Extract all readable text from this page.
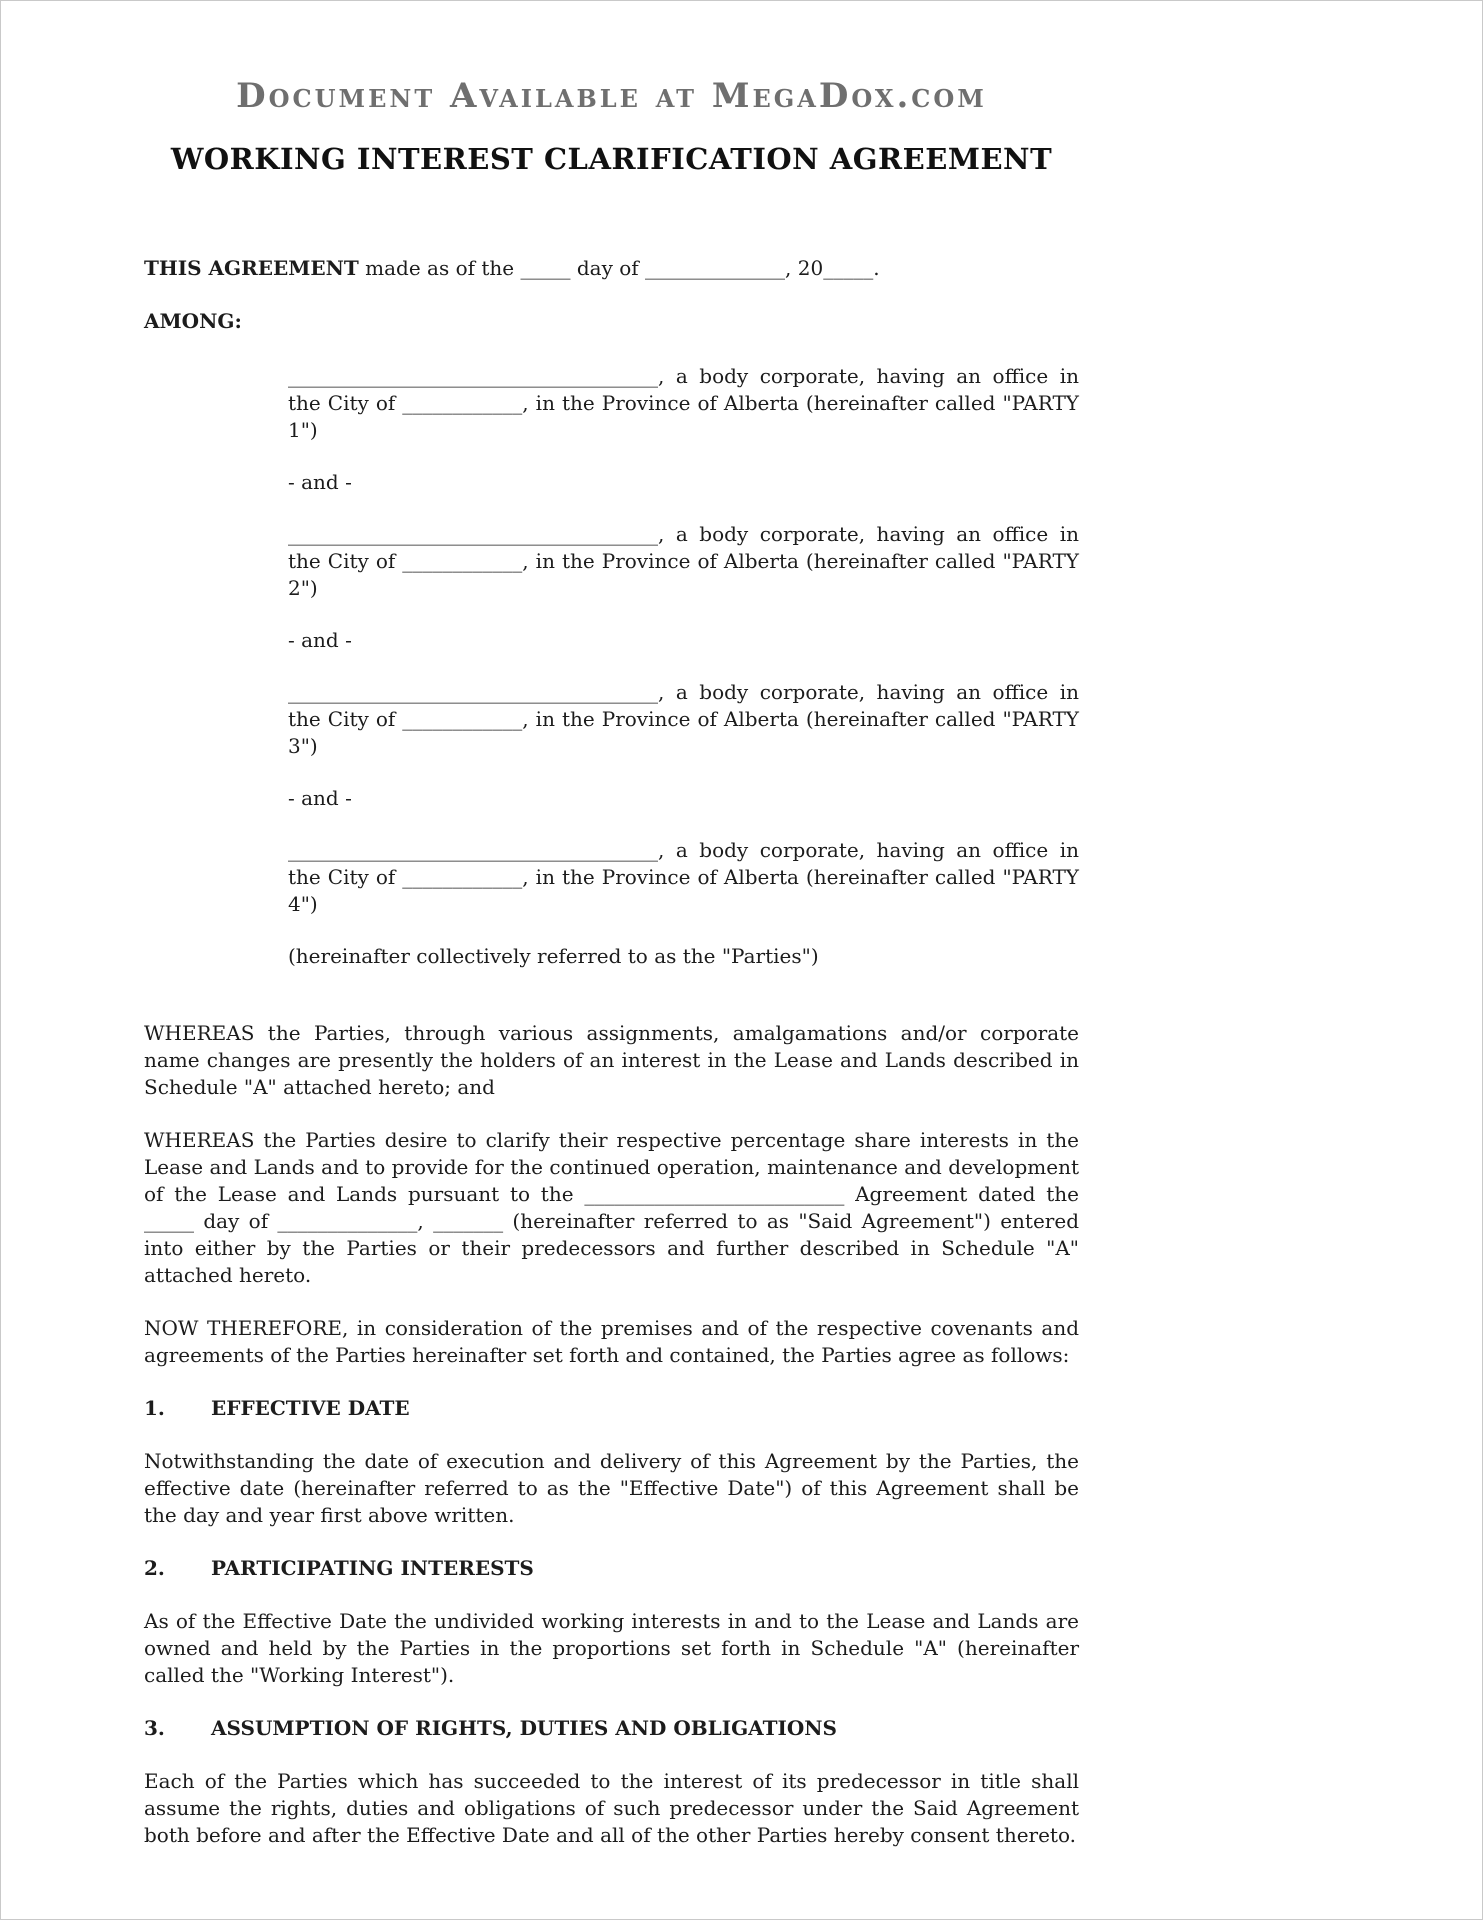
Document Available at MegaDox.com
WORKING INTEREST CLARIFICATION AGREEMENT

THIS AGREEMENT made as of the _____ day of ______________, 20_____.

AMONG:

_____________________________________, a body corporate, having an office in the City of ____________, in the Province of Alberta (hereinafter called "PARTY 1")

- and -

_____________________________________, a body corporate, having an office in the City of ____________, in the Province of Alberta (hereinafter called "PARTY 2")

- and -

_____________________________________, a body corporate, having an office in the City of ____________, in the Province of Alberta (hereinafter called "PARTY 3")

- and -

_____________________________________, a body corporate, having an office in the City of ____________, in the Province of Alberta (hereinafter called "PARTY 4")

(hereinafter collectively referred to as the "Parties")

WHEREAS the Parties, through various assignments, amalgamations and/or corporate name changes are presently the holders of an interest in the Lease and Lands described in Schedule "A" attached hereto; and

WHEREAS the Parties desire to clarify their respective percentage share interests in the Lease and Lands and to provide for the continued operation, maintenance and development of the Lease and Lands pursuant to the __________________________ Agreement dated the _____ day of ______________, _______ (hereinafter referred to as "Said Agreement") entered into either by the Parties or their predecessors and further described in Schedule "A" attached hereto.

NOW THEREFORE, in consideration of the premises and of the respective covenants and agreements of the Parties hereinafter set forth and contained, the Parties agree as follows:

1. EFFECTIVE DATE

Notwithstanding the date of execution and delivery of this Agreement by the Parties, the effective date (hereinafter referred to as the "Effective Date") of this Agreement shall be the day and year first above written.

2. PARTICIPATING INTERESTS

As of the Effective Date the undivided working interests in and to the Lease and Lands are owned and held by the Parties in the proportions set forth in Schedule "A" (hereinafter called the "Working Interest").

3. ASSUMPTION OF RIGHTS, DUTIES AND OBLIGATIONS

Each of the Parties which has succeeded to the interest of its predecessor in title shall assume the rights, duties and obligations of such predecessor under the Said Agreement both before and after the Effective Date and all of the other Parties hereby consent thereto.
